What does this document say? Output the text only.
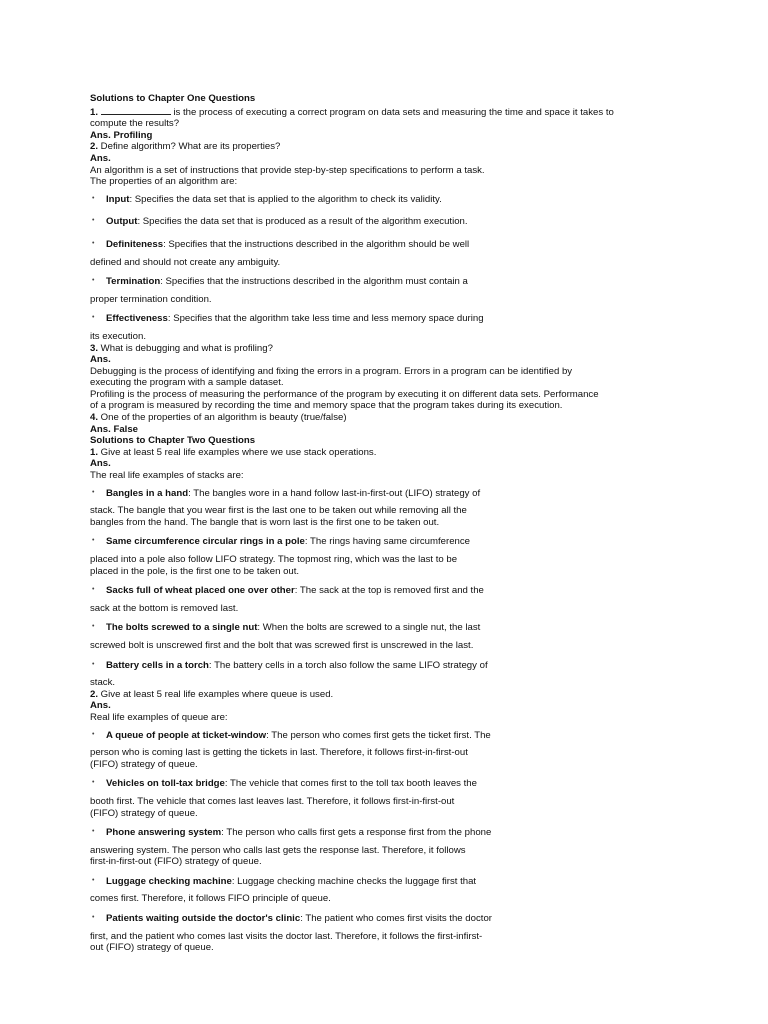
Solutions to Chapter One Questions
1.	is the process of executing a correct program on data sets and measuring the time and space it takes to
compute the results?
Ans. Profiling
2. Define algorithm? What are its properties?
Ans.
An algorithm is a set of instructions that provide step-by-step specifications to perform a task.
The properties of an algorithm are:
• Input: Specifies the data set that is applied to the algorithm to check its validity.
• Output: Specifies the data set that is produced as a result of the algorithm execution.
• Definiteness: Specifies that the instructions described in the algorithm should be well
defined and should not create any ambiguity.
• Termination: Specifies that the instructions described in the algorithm must contain a
proper termination condition.
• Effectiveness: Specifies that the algorithm take less time and less memory space during
its execution.
3. What is debugging and what is profiling?
Ans.
Debugging is the process of identifying and fixing the errors in a program. Errors in a program can be identified by
executing the program with a sample dataset.
Profiling is the process of measuring the performance of the program by executing it on different data sets. Performance
of a program is measured by recording the time and memory space that the program takes during its execution.
4. One of the properties of an algorithm is beauty (true/false)
Ans. False
Solutions to Chapter Two Questions
1. Give at least 5 real life examples where we use stack operations.
Ans.
The real life examples of stacks are:
• Bangles in a hand: The bangles wore in a hand follow last-in-first-out (LIFO) strategy of
stack. The bangle that you wear first is the last one to be taken out while removing all the
bangles from the hand. The bangle that is worn last is the first one to be taken out.
• Same circumference circular rings in a pole: The rings having same circumference
placed into a pole also follow LIFO strategy. The topmost ring, which was the last to be
placed in the pole, is the first one to be taken out.
• Sacks full of wheat placed one over other: The sack at the top is removed first and the
sack at the bottom is removed last.
• The bolts screwed to a single nut: When the bolts are screwed to a single nut, the last
screwed bolt is unscrewed first and the bolt that was screwed first is unscrewed in the last.
• Battery cells in a torch: The battery cells in a torch also follow the same LIFO strategy of
stack.
2. Give at least 5 real life examples where queue is used.
Ans.
Real life examples of queue are:
• A queue of people at ticket-window: The person who comes first gets the ticket first. The
person who is coming last is getting the tickets in last. Therefore, it follows first-in-first-out
(FIFO) strategy of queue.
• Vehicles on toll-tax bridge: The vehicle that comes first to the toll tax booth leaves the
booth first. The vehicle that comes last leaves last. Therefore, it follows first-in-first-out
(FIFO) strategy of queue.
• Phone answering system: The person who calls first gets a response first from the phone
answering system. The person who calls last gets the response last. Therefore, it follows
first-in-first-out (FIFO) strategy of queue.
• Luggage checking machine: Luggage checking machine checks the luggage first that
comes first. Therefore, it follows FIFO principle of queue.
• Patients waiting outside the doctor's clinic: The patient who comes first visits the doctor
first, and the patient who comes last visits the doctor last. Therefore, it follows the first-infirst-
out (FIFO) strategy of queue.
